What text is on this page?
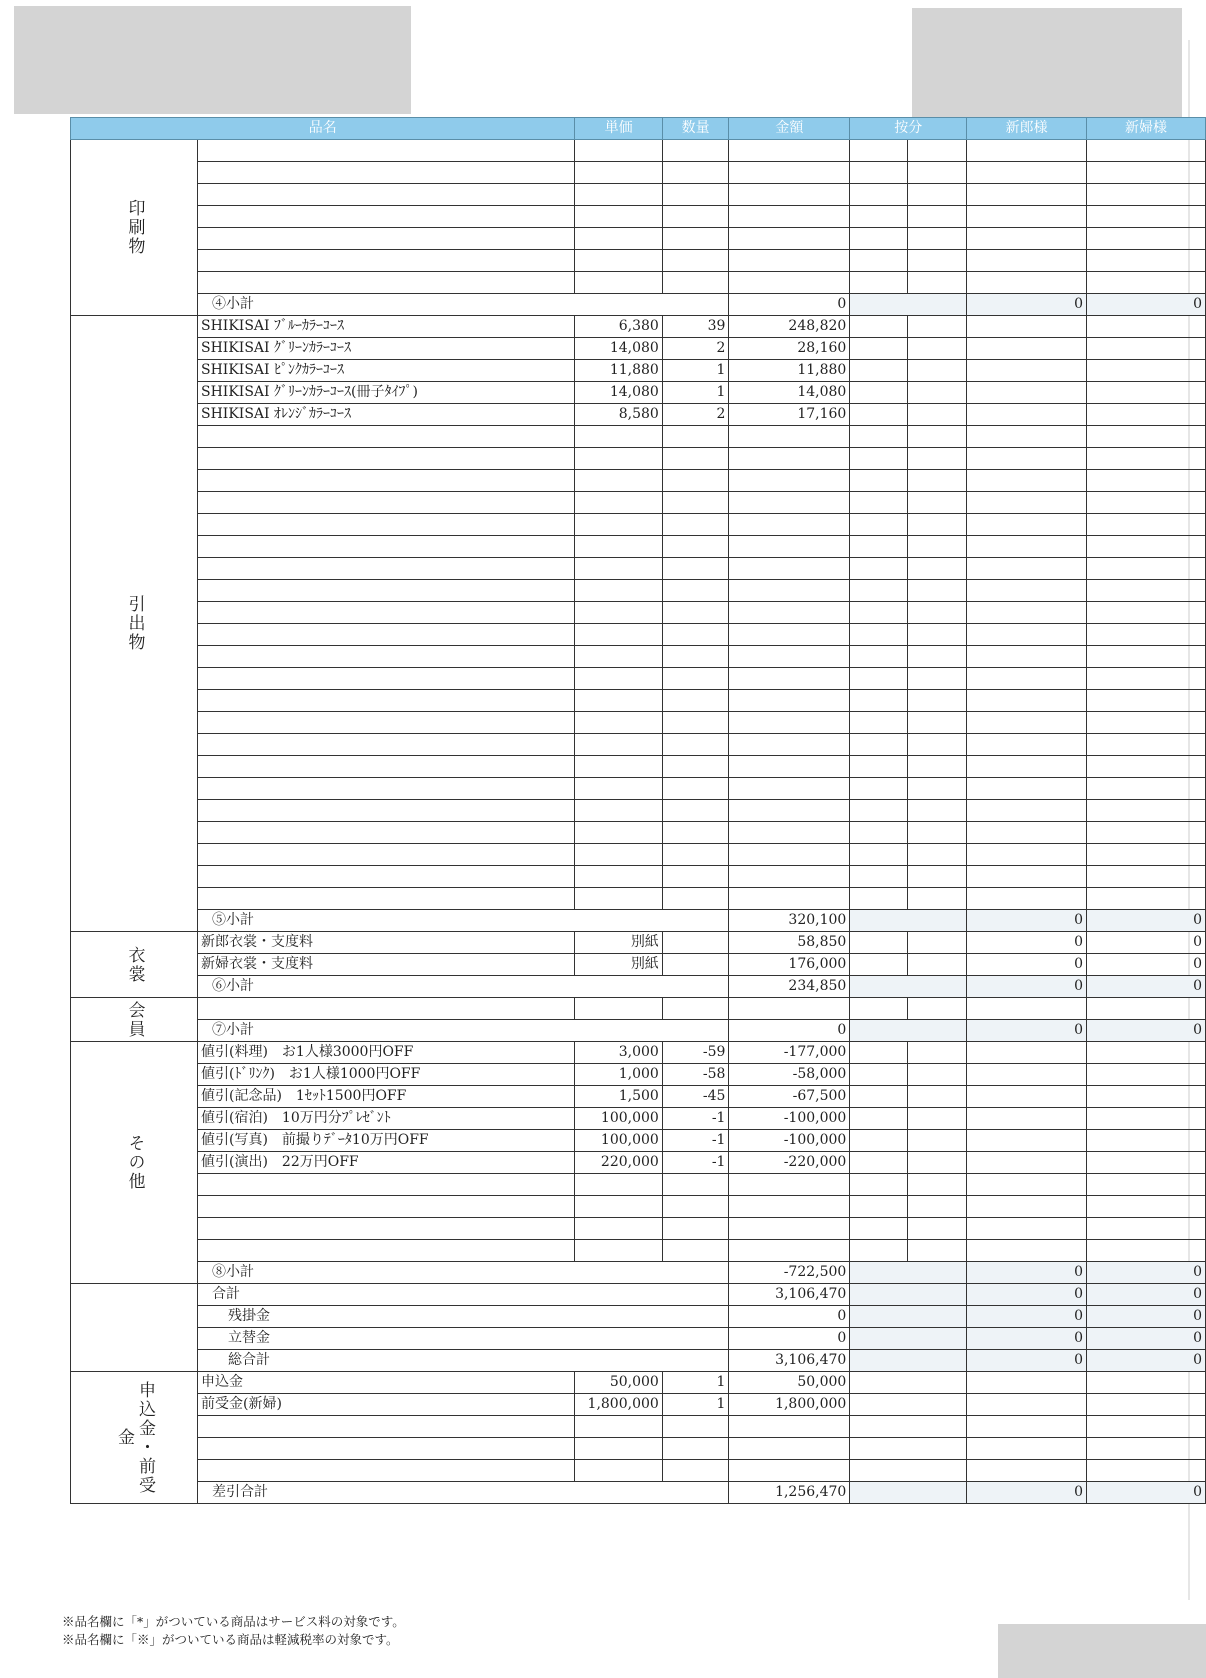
品名		単価	数量	金額	按分		新郎様	新婦様
印刷物								

	④小計			0			0	0
引出物	SHIKISAI ﾌﾞﾙｰｶﾗｰｺｰｽ	6,380	39	248,820				
	SHIKISAI ｸﾞﾘｰﾝｶﾗｰｺｰｽ	14,080	2	28,160				
	SHIKISAI ﾋﾟﾝｸｶﾗｰｺｰｽ	11,880	1	11,880				
	SHIKISAI ｸﾞﾘｰﾝｶﾗｰｺｰｽ(冊子ﾀｲﾌﾟ)	14,080	1	14,080				
	SHIKISAI ｵﾚﾝｼﾞｶﾗｰｺｰｽ	8,580	2	17,160				

	⑤小計			320,100			0	0
衣裳	新郎衣裳・支度料	別紙		58,850			0	0
	新婦衣裳・支度料	別紙		176,000			0	0
	⑥小計			234,850			0	0
会員								
	⑦小計			0			0	0
その他	値引(料理)　お1人様3000円OFF	3,000	-59	-177,000				
	値引(ﾄﾞﾘﾝｸ)　お1人様1000円OFF	1,000	-58	-58,000				
	値引(記念品)　1ｾｯﾄ1500円OFF	1,500	-45	-67,500				
	値引(宿泊)　10万円分ﾌﾟﾚｾﾞﾝﾄ	100,000	-1	-100,000				
	値引(写真)　前撮りﾃﾞｰﾀ10万円OFF	100,000	-1	-100,000				
	値引(演出)　22万円OFF	220,000	-1	-220,000				

	⑧小計			-722,500			0	0
	合計			3,106,470			0	0
	残掛金			0			0	0
	立替金			0			0	0
	総合計			3,106,470			0	0
申込金・前受金	申込金	50,000	1	50,000				
	前受金(新婦)	1,800,000	1	1,800,000				

	差引合計			1,256,470			0	0
※品名欄に「*」がついている商品はサービス料の対象です。
※品名欄に「※」がついている商品は軽減税率の対象です。
